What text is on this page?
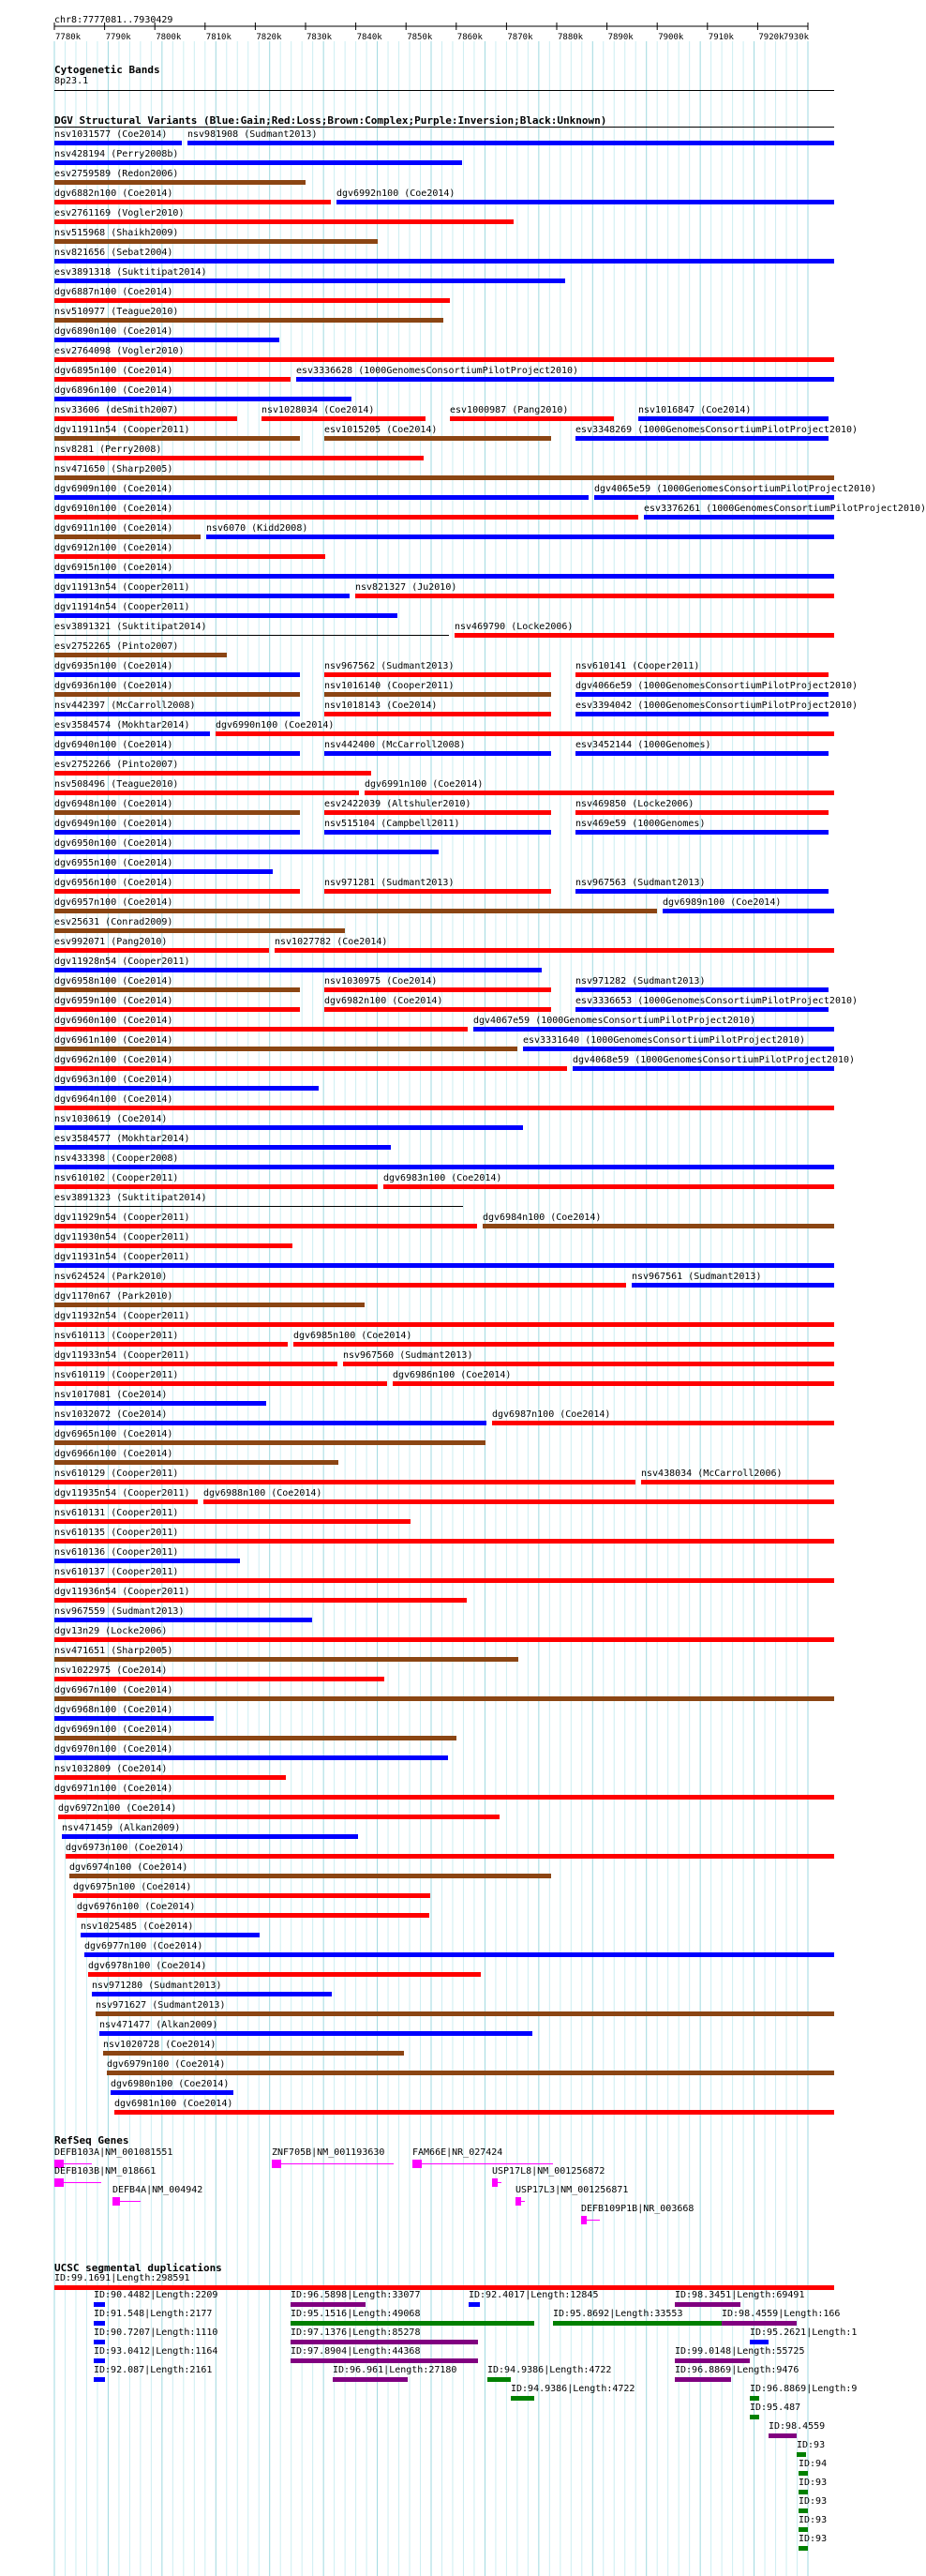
chr8:7777081..7930429
7780k	7790k	7800k	7810k	7820k	7830k	7840k	7850k	7860k	7870k	7880k	7890k	7900k	7910k	7920k 7930k
Cytogenetic Bands
8p23.1
DGV Structural Variants (Blue:Gain;Red:Loss;Brown:Complex;Purple:Inversion;Black:Unknown)
nsv1031577 (Coe2014) nsv981908 (Sudmant2013)
nsv428194 (Perry2008b)
esv2759589 (Redon2006)
dgv6882n100 (Coe2014)	dgv6992n100 (Coe2014)
esv2761169 (Vogler2010)
nsv515968 (Shaikh2009)
nsv821656 (Sebat2004)
esv3891318 (Suktitipat2014)
dgv6887n100 (Coe2014)
nsv510977 (Teague2010)
dgv6890n100 (Coe2014)
esv2764098 (Vogler2010)
dgv6895n100 (Coe2014)	esv3336628 (1000GenomesConsortiumPilotProject2010)
dgv6896n100 (Coe2014)
nsv33606 (deSmith2007)	nsv1028034 (Coe2014)	esv1000987 (Pang2010)	nsv1016847 (Coe2014)
dgv11911n54 (Cooper2011)	esv1015205 (Coe2014)	esv3348269 (1000GenomesConsortiumPilotProject2010)
nsv8281 (Perry2008)
nsv471650 (Sharp2005)
dgv6909n100 (Coe2014)	dgv4065e59 (1000GenomesConsortiumPilotProject2010)
dgv6910n100 (Coe2014)	esv3376261 (1000GenomesConsortiumPilotProject2010)
dgv6911n100 (Coe2014)	nsv6070 (Kidd2008)
dgv6912n100 (Coe2014)
dgv6915n100 (Coe2014)
dgv11913n54 (Cooper2011)	nsv821327 (Ju2010)
dgv11914n54 (Cooper2011)
esv3891321 (Suktitipat2014)	nsv469790 (Locke2006)
esv2752265 (Pinto2007)
dgv6935n100 (Coe2014)	nsv967562 (Sudmant2013)	nsv610141 (Cooper2011)
dgv6936n100 (Coe2014)	nsv1016140 (Cooper2011)	dgv4066e59 (1000GenomesConsortiumPilotProject2010)
nsv442397 (McCarroll2008)	nsv1018143 (Coe2014)	esv3394042 (1000GenomesConsortiumPilotProject2010)
esv3584574 (Mokhtar2014)	dgv6990n100 (Coe2014)
dgv6940n100 (Coe2014)	nsv442400 (McCarroll2008)	esv3452144 (1000Genomes)
esv2752266 (Pinto2007)
nsv508496 (Teague2010)	dgv6991n100 (Coe2014)
dgv6948n100 (Coe2014)	esv2422039 (Altshuler2010)	nsv469850 (Locke2006)
dgv6949n100 (Coe2014)	nsv515104 (Campbell2011)	nsv469e59 (1000Genomes)
dgv6950n100 (Coe2014)
dgv6955n100 (Coe2014)
dgv6956n100 (Coe2014)	nsv971281 (Sudmant2013)	nsv967563 (Sudmant2013)
dgv6957n100 (Coe2014)	dgv6989n100 (Coe2014)
esv25631 (Conrad2009)
esv992071 (Pang2010)	nsv1027782 (Coe2014)
dgv11928n54 (Cooper2011)
dgv6958n100 (Coe2014)	nsv1030975 (Coe2014)	nsv971282 (Sudmant2013)
dgv6959n100 (Coe2014)	dgv6982n100 (Coe2014)	esv3336653 (1000GenomesConsortiumPilotProject2010)
dgv6960n100 (Coe2014)	dgv4067e59 (1000GenomesConsortiumPilotProject2010)
dgv6961n100 (Coe2014)	esv3331640 (1000GenomesConsortiumPilotProject2010)
dgv6962n100 (Coe2014)	dgv4068e59 (1000GenomesConsortiumPilotProject2010)
dgv6963n100 (Coe2014)
dgv6964n100 (Coe2014)
nsv1030619 (Coe2014)
esv3584577 (Mokhtar2014)
nsv433398 (Cooper2008)
nsv610102 (Cooper2011)	dgv6983n100 (Coe2014)
esv3891323 (Suktitipat2014)
dgv11929n54 (Cooper2011)	dgv6984n100 (Coe2014)
dgv11930n54 (Cooper2011)
dgv11931n54 (Cooper2011)
nsv624524 (Park2010)	nsv967561 (Sudmant2013)
dgv1170n67 (Park2010)
dgv11932n54 (Cooper2011)
nsv610113 (Cooper2011)	dgv6985n100 (Coe2014)
dgv11933n54 (Cooper2011)	nsv967560 (Sudmant2013)
nsv610119 (Cooper2011)	dgv6986n100 (Coe2014)
nsv1017081 (Coe2014)
nsv1032072 (Coe2014)	dgv6987n100 (Coe2014)
dgv6965n100 (Coe2014)
dgv6966n100 (Coe2014)
nsv610129 (Cooper2011)	nsv438034 (McCarroll2006)
dgv11935n54 (Cooper2011) dgv6988n100 (Coe2014)
nsv610131 (Cooper2011)
nsv610135 (Cooper2011)
nsv610136 (Cooper2011)
nsv610137 (Cooper2011)
dgv11936n54 (Cooper2011)
nsv967559 (Sudmant2013)
dgv13n29 (Locke2006)
nsv471651 (Sharp2005)
nsv1022975 (Coe2014)
dgv6967n100 (Coe2014)
dgv6968n100 (Coe2014)
dgv6969n100 (Coe2014)
dgv6970n100 (Coe2014)
nsv1032809 (Coe2014)
dgv6971n100 (Coe2014)
dgv6972n100 (Coe2014)
nsv471459 (Alkan2009)
dgv6973n100 (Coe2014)
dgv6974n100 (Coe2014)
dgv6975n100 (Coe2014)
dgv6976n100 (Coe2014)
nsv1025485 (Coe2014)
dgv6977n100 (Coe2014)
dgv6978n100 (Coe2014)
nsv971280 (Sudmant2013)
nsv971627 (Sudmant2013)
nsv471477 (Alkan2009)
nsv1020728 (Coe2014)
dgv6979n100 (Coe2014)
dgv6980n100 (Coe2014)
dgv6981n100 (Coe2014)
DEFB103A|NM_001081551	ZNF705B|NM_001193630	FAM66E|NR_027424
DEFB103B|NM_018661	USP17L8|NM_001256872
DEFB4A|NM_004942	USP17L3|NM_001256871
DEFB109P1B|NR_003668
ID:99.1691|Length:298591
ID:90.4482|Length:2209	ID:96.5898|Length:33077	ID:92.4017|Length:12845	ID:98.3451|Length:69491
ID:91.548|Length:2177	ID:95.1516|Length:49068	ID:95.8692|Length:33553	ID:98.4559|Length:166
ID:90.7207|Length:1110	ID:97.1376|Length:85278	ID:95.2621|Length:1
ID:93.0412|Length:1164	ID:97.8904|Length:44368	ID:99.0148|Length:55725
ID:92.087|Length:2161	ID:96.961|Length:27180	ID:94.9386|Length:4722	ID:96.8869|Length:9476
ID:94.9386|Length:4722	ID:96.8869|Length:9
ID:95.487
ID:98.4559
ID:93
ID:94
ID:93
ID:93
ID:93
ID:93
RefSeq Genes
UCSC segmental duplications
